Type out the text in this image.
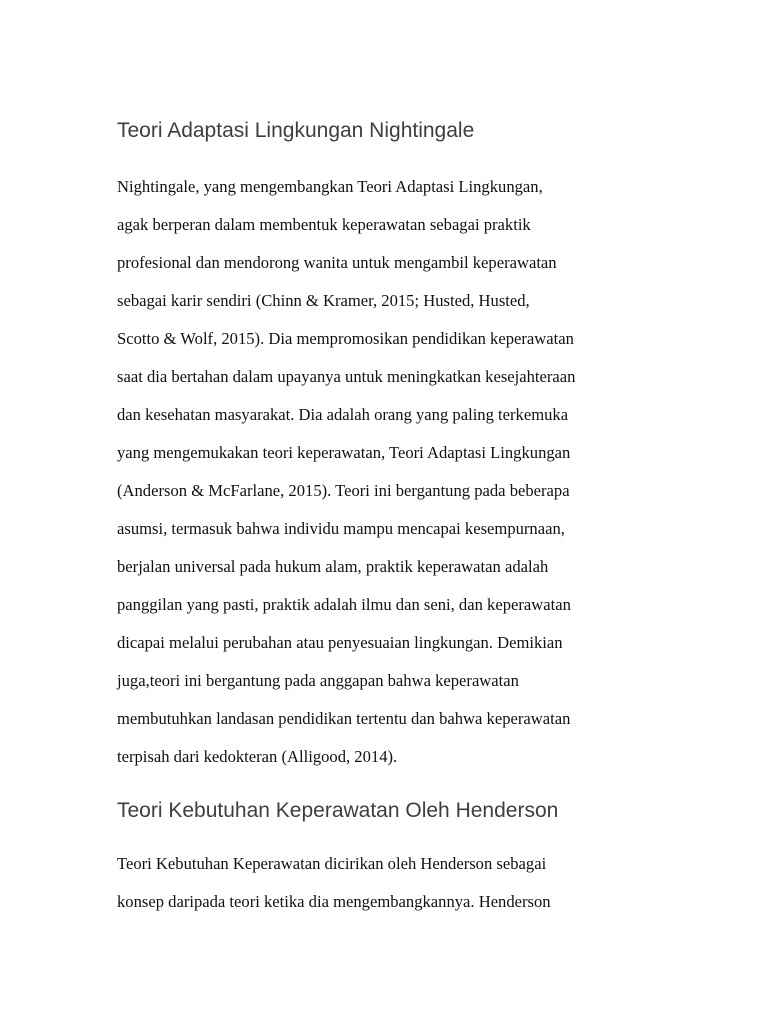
Teori Adaptasi Lingkungan Nightingale
Nightingale, yang mengembangkan Teori Adaptasi Lingkungan,
agak berperan dalam membentuk keperawatan sebagai praktik
profesional dan mendorong wanita untuk mengambil keperawatan
sebagai karir sendiri (Chinn & Kramer, 2015; Husted, Husted,
Scotto & Wolf, 2015). Dia mempromosikan pendidikan keperawatan
saat dia bertahan dalam upayanya untuk meningkatkan kesejahteraan
dan kesehatan masyarakat. Dia adalah orang yang paling terkemuka
yang mengemukakan teori keperawatan, Teori Adaptasi Lingkungan
(Anderson & McFarlane, 2015). Teori ini bergantung pada beberapa
asumsi, termasuk bahwa individu mampu mencapai kesempurnaan,
berjalan universal pada hukum alam, praktik keperawatan adalah
panggilan yang pasti, praktik adalah ilmu dan seni, dan keperawatan
dicapai melalui perubahan atau penyesuaian lingkungan. Demikian
juga,teori ini bergantung pada anggapan bahwa keperawatan
membutuhkan landasan pendidikan tertentu dan bahwa keperawatan
terpisah dari kedokteran (Alligood, 2014).
Teori Kebutuhan Keperawatan Oleh Henderson
Teori Kebutuhan Keperawatan dicirikan oleh Henderson sebagai
konsep daripada teori ketika dia mengembangkannya. Henderson
